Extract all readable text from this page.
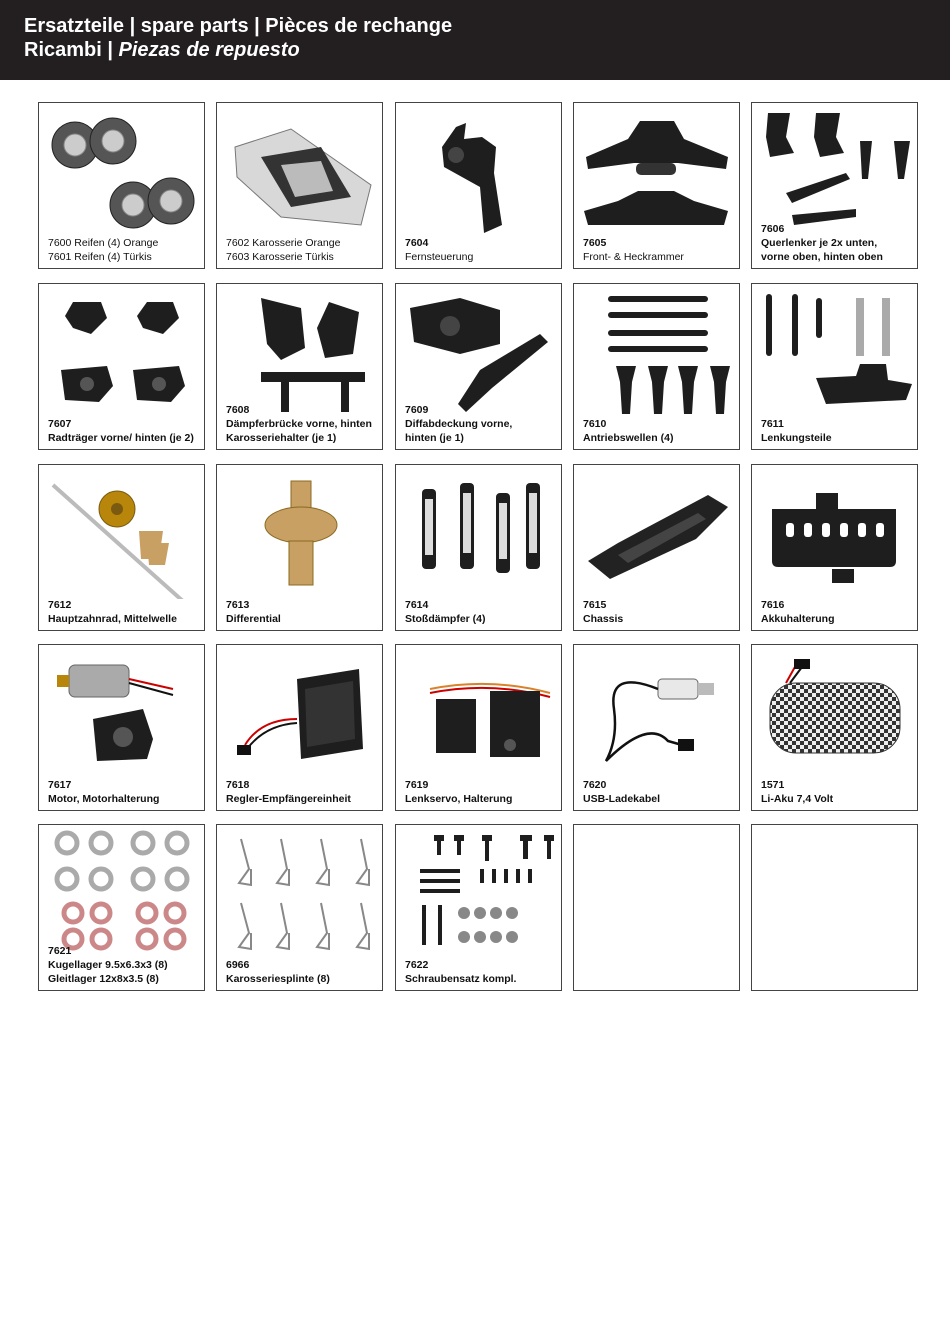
Ersatzteile | spare parts | Pièces de rechange
Ricambi | Piezas de repuesto
7600 Reifen (4) Orange
7601 Reifen (4) Türkis
7602 Karosserie Orange
7603 Karosserie Türkis
7604
Fernsteuerung
7605
Front- & Heckrammer
7606
Querlenker je 2x unten,
vorne oben, hinten oben
7607
Radträger vorne/ hinten (je 2)
7608
Dämpferbrücke vorne, hinten
Karosseriehalter (je 1)
7609
Diffabdeckung vorne,
hinten (je 1)
7610
Antriebswellen (4)
7611
Lenkungsteile
7612
Hauptzahnrad, Mittelwelle
7613
Differential
7614
Stoßdämpfer (4)
7615
Chassis
7616
Akkuhalterung
7617
Motor, Motorhalterung
7618
Regler-Empfängereinheit
7619
Lenkservo, Halterung
7620
USB-Ladekabel
1571
Li-Aku 7,4 Volt
7621
Kugellager 9.5x6.3x3 (8)
Gleitlager 12x8x3.5 (8)
6966
Karosseriesplinte (8)
7622
Schraubensatz kompl.
